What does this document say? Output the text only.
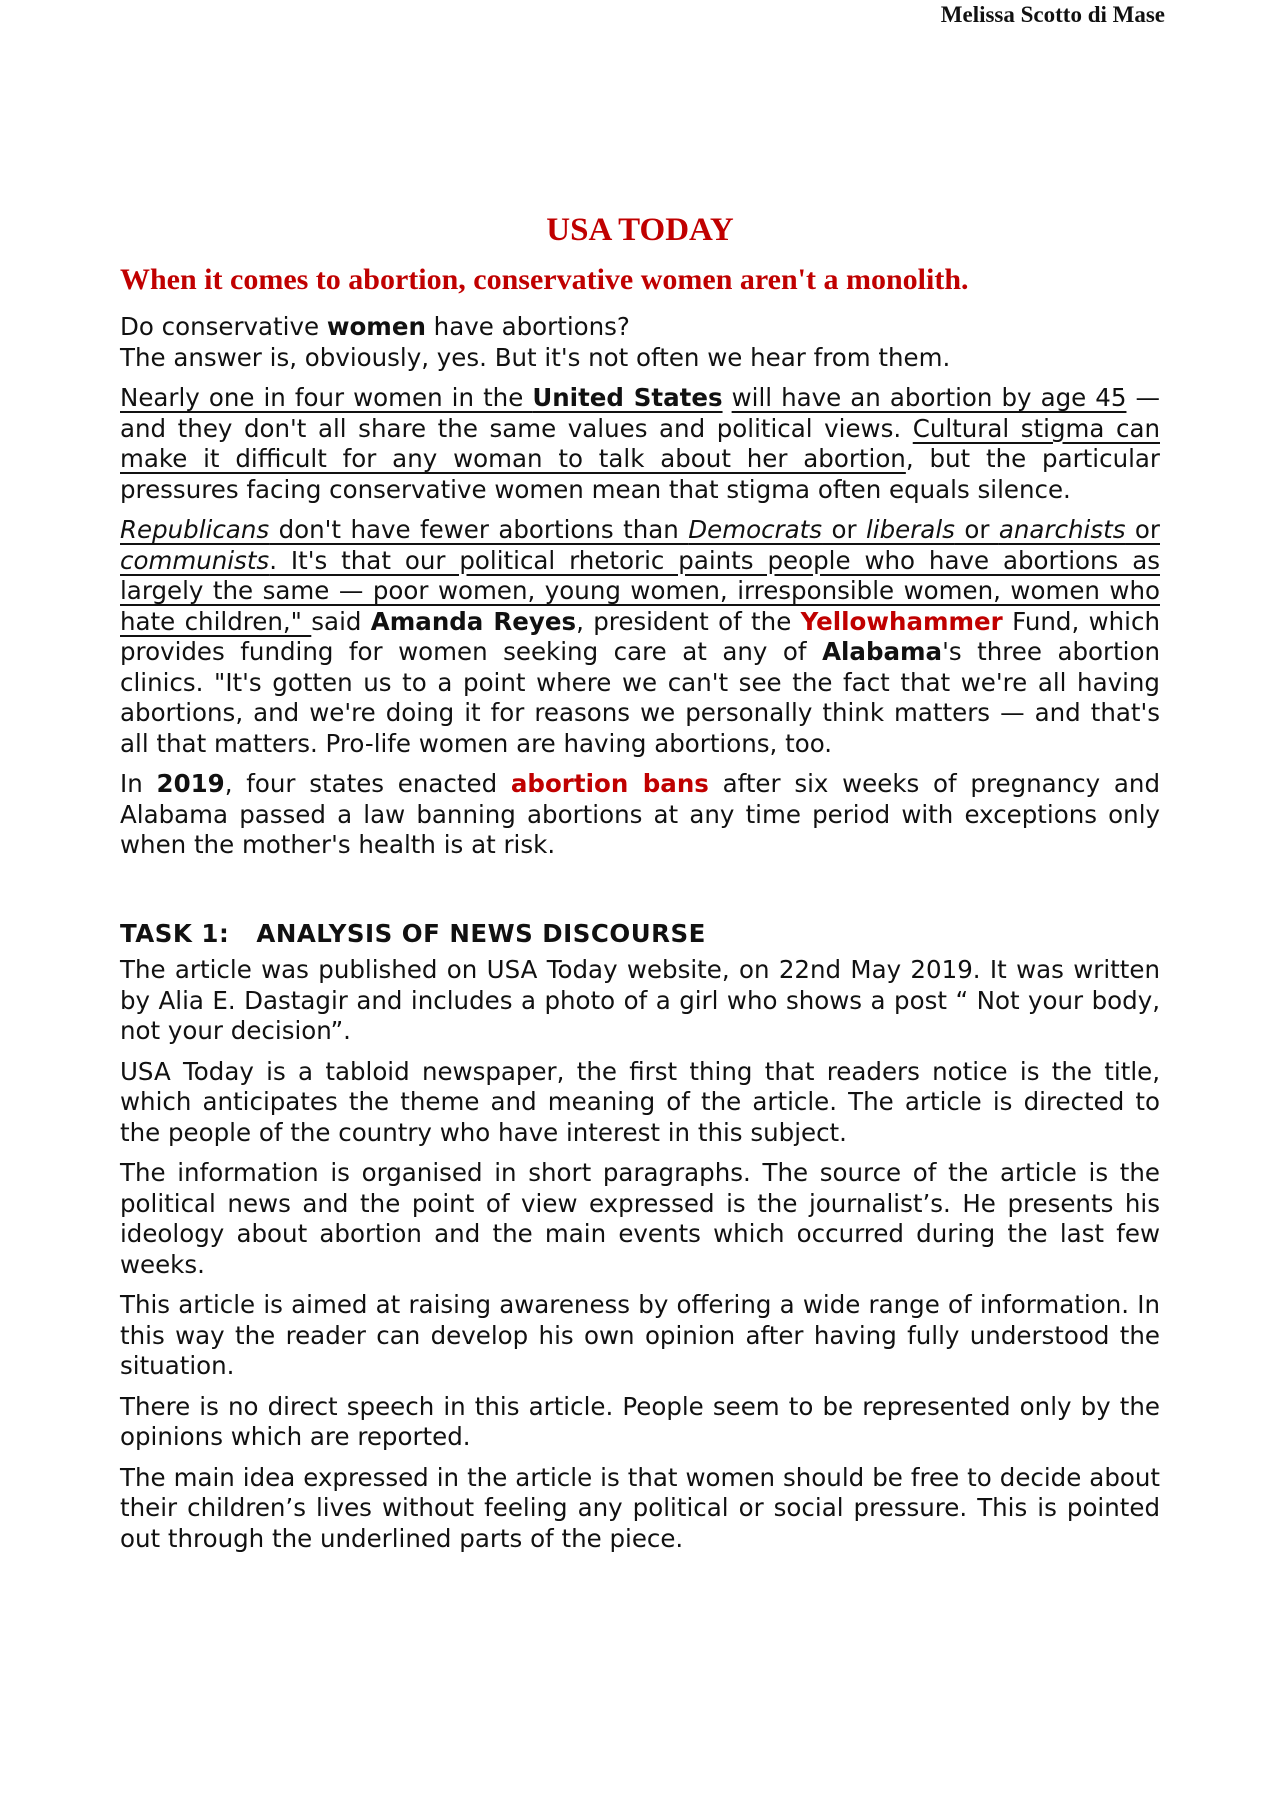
Melissa Scotto di Mase
USA TODAY
When it comes to abortion, conservative women aren't a monolith.

Do conservative women have abortions?
The answer is, obviously, yes. But it's not often we hear from them.

Nearly one in four women in the United States will have an abortion by age 45 — and they don't all share the same values and political views. Cultural stigma can make it difficult for any woman to talk about her abortion, but the particular pressures facing conservative women mean that stigma often equals silence.

Republicans don't have fewer abortions than Democrats or liberals or anarchists or communists. It's that our political rhetoric paints people who have abortions as largely the same — poor women, young women, irresponsible women, women who hate children," said Amanda Reyes, president of the Yellowhammer Fund, which provides funding for women seeking care at any of Alabama's three abortion clinics. "It's gotten us to a point where we can't see the fact that we're all having abortions, and we're doing it for reasons we personally think matters — and that's all that matters. Pro-life women are having abortions, too.

In 2019, four states enacted abortion bans after six weeks of pregnancy and Alabama passed a law banning abortions at any time period with exceptions only when the mother's health is at risk.

TASK 1:   ANALYSIS OF NEWS DISCOURSE

The article was published on USA Today website, on 22nd May 2019. It was written by Alia E. Dastagir and includes a photo of a girl who shows a post “ Not your body, not your decision”.

USA Today is a tabloid newspaper, the first thing that readers notice is the title, which anticipates the theme and meaning of the article. The article is directed to the people of the country who have interest in this subject.

The information is organised in short paragraphs. The source of the article is the political news and the point of view expressed is the journalist’s. He presents his ideology about abortion and the main events which occurred during the last few weeks.

This article is aimed at raising awareness by offering a wide range of information. In this way the reader can develop his own opinion after having fully understood the situation.

There is no direct speech in this article. People seem to be represented only by the opinions which are reported.

The main idea expressed in the article is that women should be free to decide about their children’s lives without feeling any political or social pressure. This is pointed out through the underlined parts of the piece.
